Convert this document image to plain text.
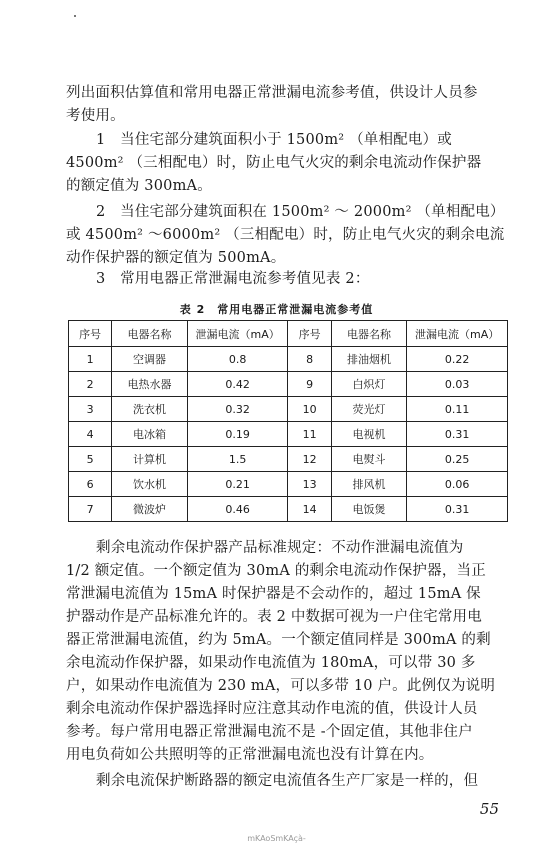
列出面积估算值和常用电器正常泄漏电流参考值，供设计人员参
考使用。
1　当住宅部分建筑面积小于 1500m² （单相配电）或
4500m² （三相配电）时，防止电气火灾的剩余电流动作保护器
的额定值为 300mA。
2　当住宅部分建筑面积在 1500m² ～ 2000m² （单相配电）
或 4500m² ～6000m² （三相配电）时，防止电气火灾的剩余电流
动作保护器的额定值为 500mA。
3　常用电器正常泄漏电流参考值见表 2：
表 2　常用电器正常泄漏电流参考值
序号	电器名称	泄漏电流（mA）	序号	电器名称	泄漏电流（mA）
1	空调器	0.8	8	排油烟机	0.22
2	电热水器	0.42	9	白炽灯	0.03
3	洗衣机	0.32	10	荧光灯	0.11
4	电冰箱	0.19	11	电视机	0.31
5	计算机	1.5	12	电熨斗	0.25
6	饮水机	0.21	13	排风机	0.06
7	微波炉	0.46	14	电饭煲	0.31
剩余电流动作保护器产品标准规定：不动作泄漏电流值为
1/2 额定值。一个额定值为 30mA 的剩余电流动作保护器，当正
常泄漏电流值为 15mA 时保护器是不会动作的，超过 15mA 保
护器动作是产品标准允许的。表 2 中数据可视为一户住宅常用电
器正常泄漏电流值，约为 5mA。一个额定值同样是 300mA 的剩
余电流动作保护器，如果动作电流值为 180mA，可以带 30 多
户，如果动作电流值为 230 mA，可以多带 10 户。此例仅为说明
剩余电流动作保护器选择时应注意其动作电流的值，供设计人员
参考。每户常用电器正常泄漏电流不是 -个固定值，其他非住户
用电负荷如公共照明等的正常泄漏电流也没有计算在内。
剩余电流保护断路器的额定电流值各生产厂家是一样的，但
55
mKAoSmKAçà-
